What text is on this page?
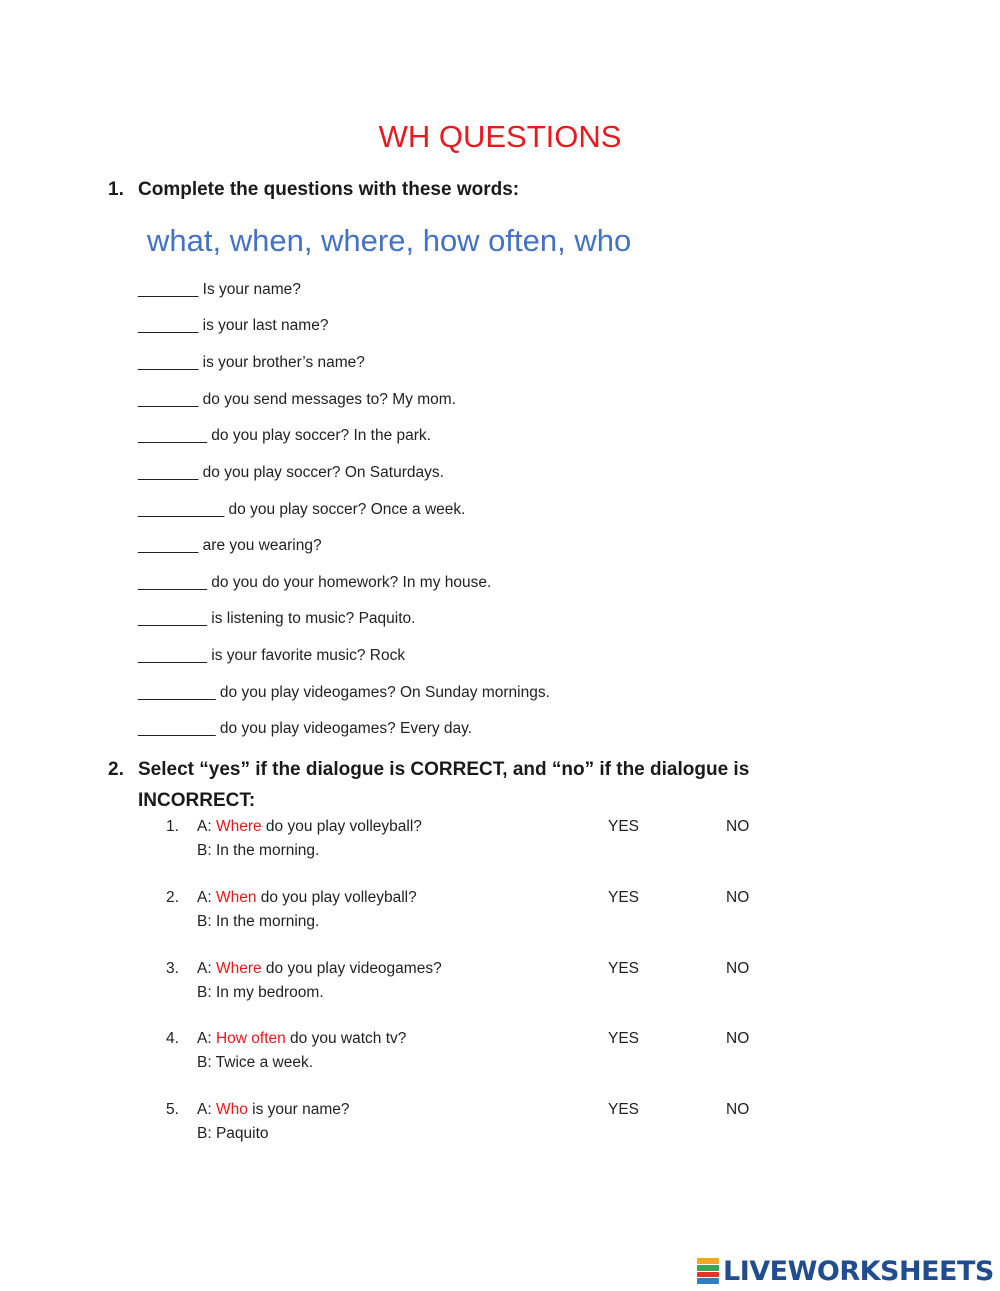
WH QUESTIONS
1. Complete the questions with these words:
what, when, where, how often, who
_______ Is your name?
_______ is your last name?
_______ is your brother’s name?
_______ do you send messages to? My mom.
________ do you play soccer? In the park.
_______ do you play soccer? On Saturdays.
__________ do you play soccer? Once a week.
_______ are you wearing?
________ do you do your homework? In my house.
________ is listening to music? Paquito.
________ is your favorite music? Rock
_________ do you play videogames? On Sunday mornings.
_________ do you play videogames? Every day.
2. Select “yes” if the dialogue is CORRECT, and “no” if the dialogue is
INCORRECT:
1. A: Where do you play volleyball?
B: In the morning.
YES	NO
2. A: When do you play volleyball?
B: In the morning.
YES	NO
3. A: Where do you play videogames?
B: In my bedroom.
YES	NO
4. A: How often do you watch tv?
B: Twice a week.
YES	NO
5. A: Who is your name?
B: Paquito
YES	NO
LIVEWORKSHEETS
